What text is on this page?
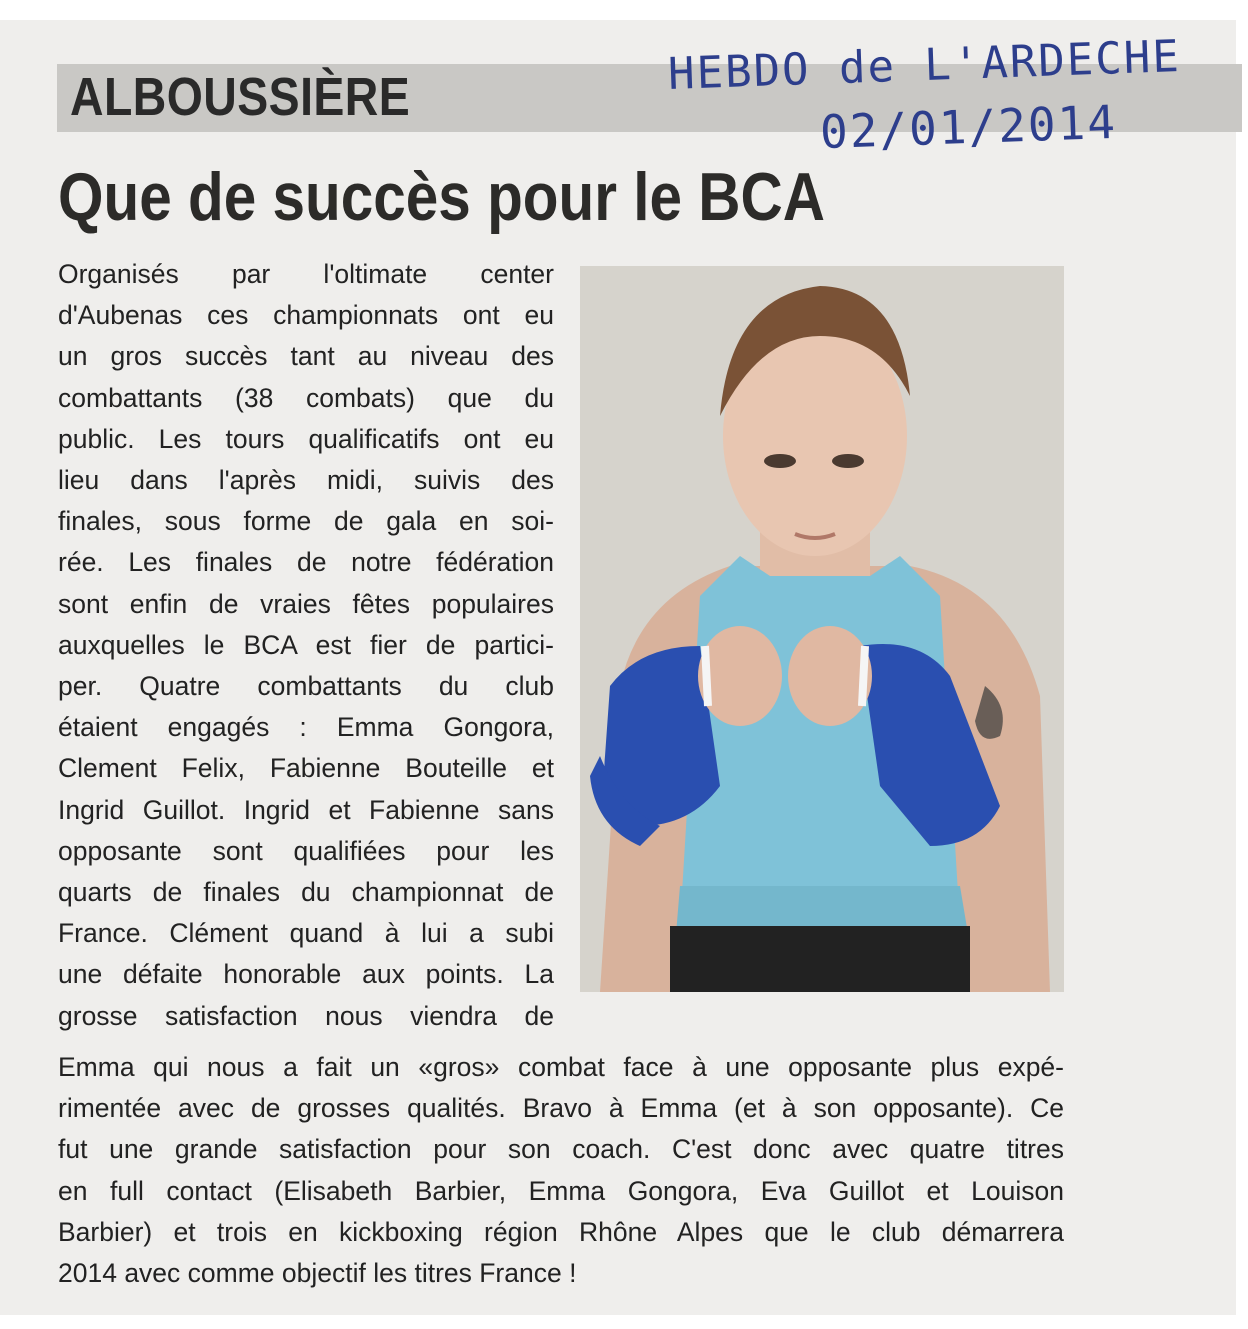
ALBOUSSIÈRE	HEBDO de L'ARDECHE
02/01/2014
Que de succès pour le BCA
Organisés par l'oltimate center
d'Aubenas ces championnats ont eu
un gros succès tant au niveau des
combattants (38 combats) que du
public. Les tours qualificatifs ont eu
lieu dans l'après midi, suivis des
finales, sous forme de gala en soi-
rée. Les finales de notre fédération
sont enfin de vraies fêtes populaires
auxquelles le BCA est fier de partici-
per. Quatre combattants du club
étaient engagés : Emma Gongora,
Clement Felix, Fabienne Bouteille et
Ingrid Guillot. Ingrid et Fabienne sans
opposante sont qualifiées pour les
quarts de finales du championnat de
France. Clément quand à lui a subi
une défaite honorable aux points. La
grosse satisfaction nous viendra de
Emma qui nous a fait un «gros» combat face à une opposante plus expé-
rimentée avec de grosses qualités. Bravo à Emma (et à son opposante). Ce
fut une grande satisfaction pour son coach. C'est donc avec quatre titres
en full contact (Elisabeth Barbier, Emma Gongora, Eva Guillot et Louison
Barbier) et trois en kickboxing région Rhône Alpes que le club démarrera
2014 avec comme objectif les titres France !
